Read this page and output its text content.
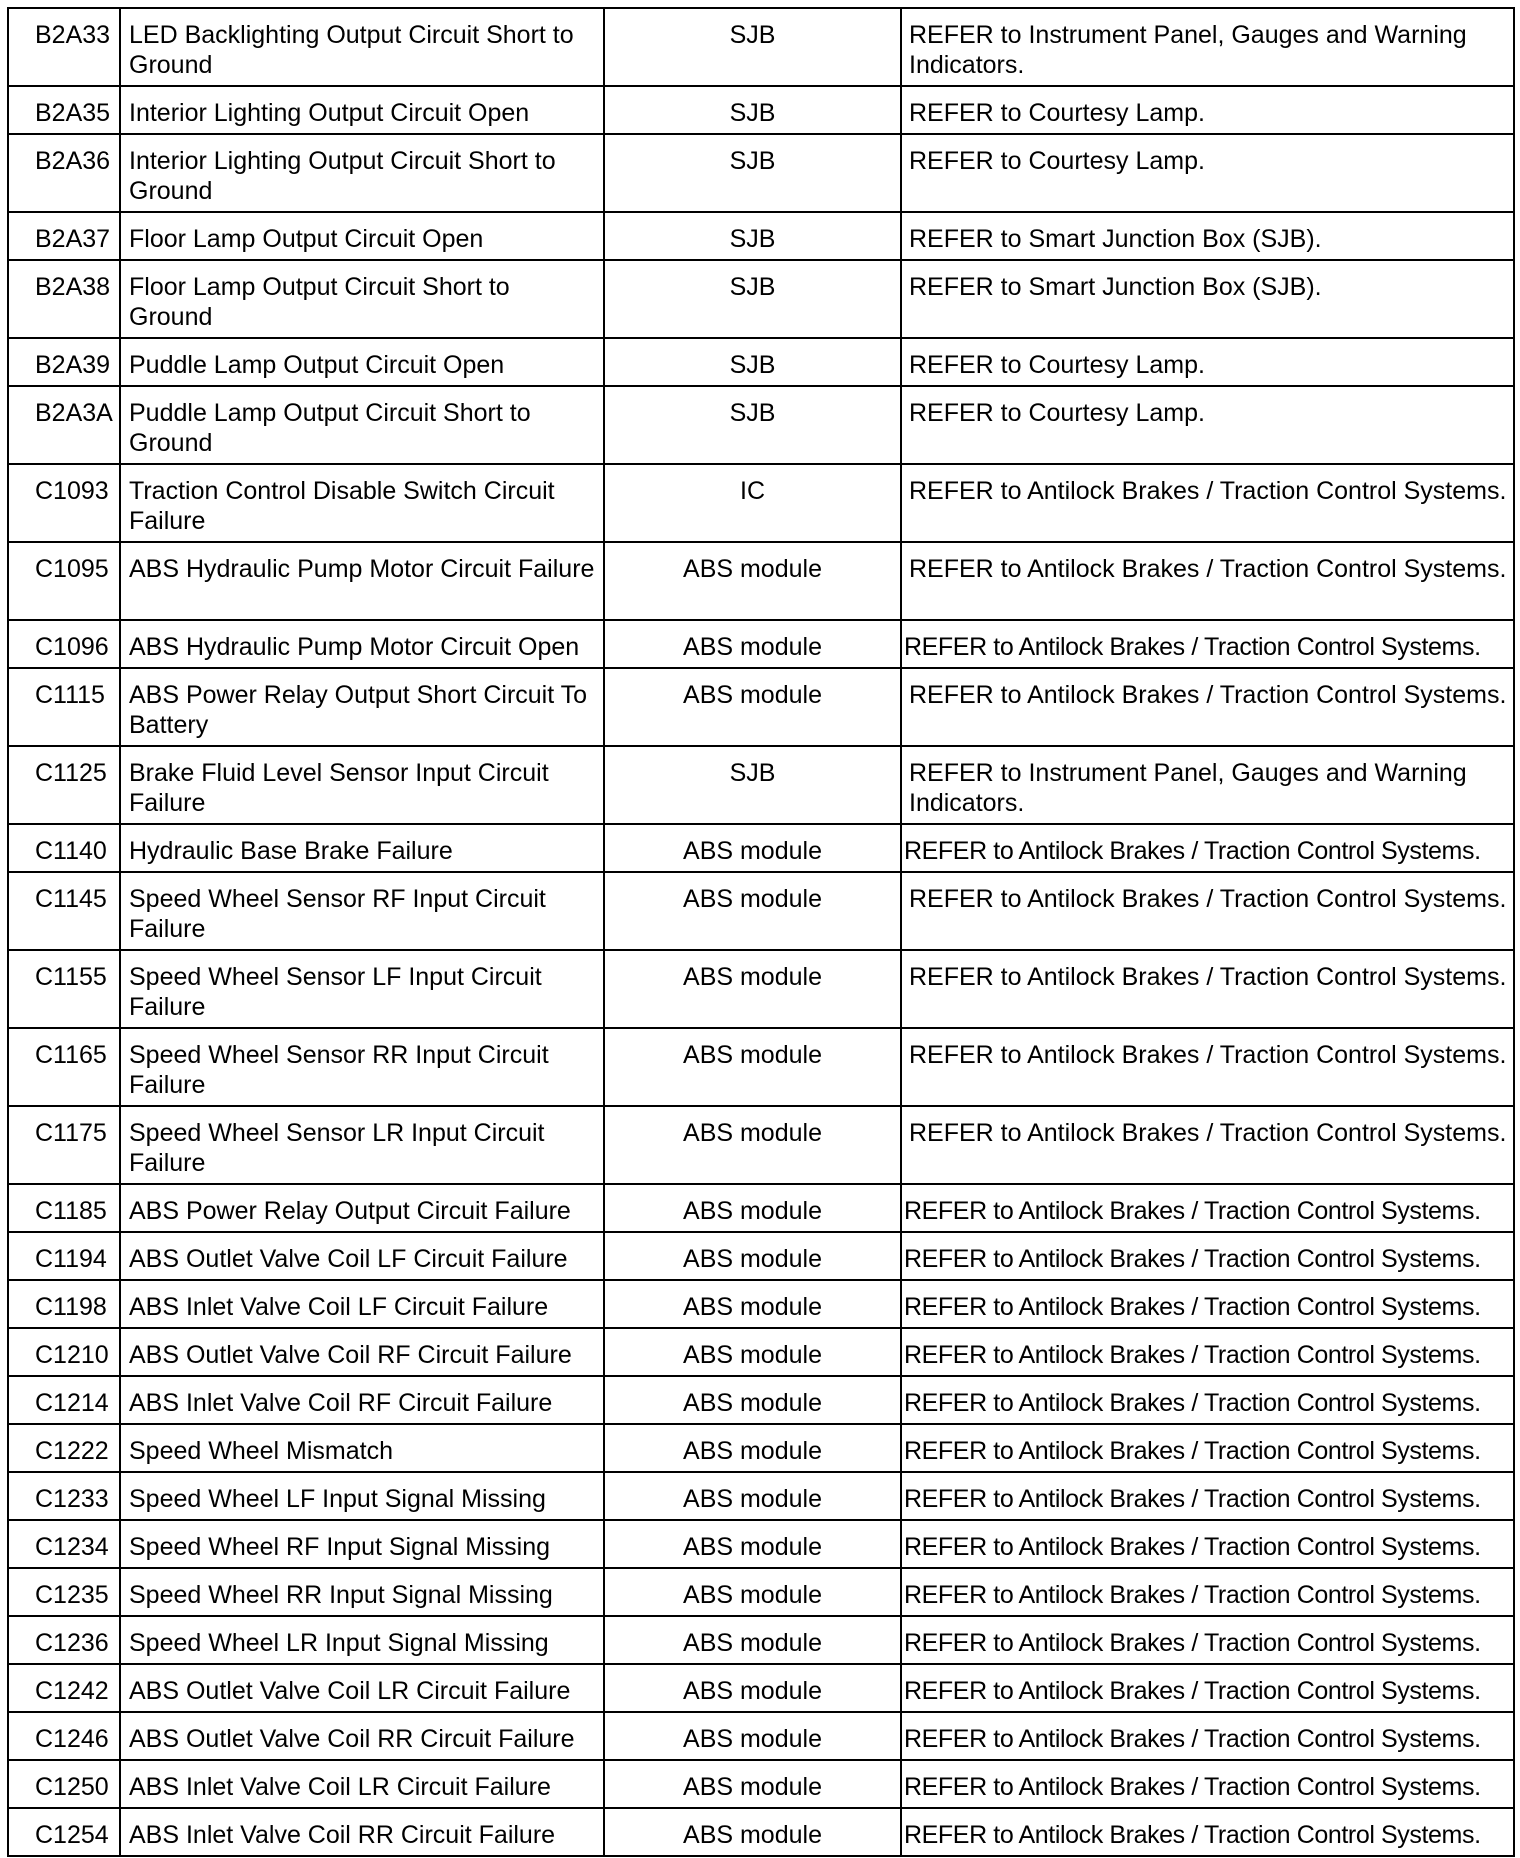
B2A33	LED Backlighting Output Circuit Short to Ground	SJB	REFER to Instrument Panel, Gauges and Warning Indicators.
B2A35	Interior Lighting Output Circuit Open	SJB	REFER to Courtesy Lamp.
B2A36	Interior Lighting Output Circuit Short to Ground	SJB	REFER to Courtesy Lamp.
B2A37	Floor Lamp Output Circuit Open	SJB	REFER to Smart Junction Box (SJB).
B2A38	Floor Lamp Output Circuit Short to Ground	SJB	REFER to Smart Junction Box (SJB).
B2A39	Puddle Lamp Output Circuit Open	SJB	REFER to Courtesy Lamp.
B2A3A	Puddle Lamp Output Circuit Short to Ground	SJB	REFER to Courtesy Lamp.
C1093	Traction Control Disable Switch Circuit Failure	IC	REFER to Antilock Brakes / Traction Control Systems.
C1095	ABS Hydraulic Pump Motor Circuit Failure	ABS module	REFER to Antilock Brakes / Traction Control Systems.
C1096	ABS Hydraulic Pump Motor Circuit Open	ABS module	REFER to Antilock Brakes / Traction Control Systems.
C1115	ABS Power Relay Output Short Circuit To Battery	ABS module	REFER to Antilock Brakes / Traction Control Systems.
C1125	Brake Fluid Level Sensor Input Circuit Failure	SJB	REFER to Instrument Panel, Gauges and Warning Indicators.
C1140	Hydraulic Base Brake Failure	ABS module	REFER to Antilock Brakes / Traction Control Systems.
C1145	Speed Wheel Sensor RF Input Circuit Failure	ABS module	REFER to Antilock Brakes / Traction Control Systems.
C1155	Speed Wheel Sensor LF Input Circuit Failure	ABS module	REFER to Antilock Brakes / Traction Control Systems.
C1165	Speed Wheel Sensor RR Input Circuit Failure	ABS module	REFER to Antilock Brakes / Traction Control Systems.
C1175	Speed Wheel Sensor LR Input Circuit Failure	ABS module	REFER to Antilock Brakes / Traction Control Systems.
C1185	ABS Power Relay Output Circuit Failure	ABS module	REFER to Antilock Brakes / Traction Control Systems.
C1194	ABS Outlet Valve Coil LF Circuit Failure	ABS module	REFER to Antilock Brakes / Traction Control Systems.
C1198	ABS Inlet Valve Coil LF Circuit Failure	ABS module	REFER to Antilock Brakes / Traction Control Systems.
C1210	ABS Outlet Valve Coil RF Circuit Failure	ABS module	REFER to Antilock Brakes / Traction Control Systems.
C1214	ABS Inlet Valve Coil RF Circuit Failure	ABS module	REFER to Antilock Brakes / Traction Control Systems.
C1222	Speed Wheel Mismatch	ABS module	REFER to Antilock Brakes / Traction Control Systems.
C1233	Speed Wheel LF Input Signal Missing	ABS module	REFER to Antilock Brakes / Traction Control Systems.
C1234	Speed Wheel RF Input Signal Missing	ABS module	REFER to Antilock Brakes / Traction Control Systems.
C1235	Speed Wheel RR Input Signal Missing	ABS module	REFER to Antilock Brakes / Traction Control Systems.
C1236	Speed Wheel LR Input Signal Missing	ABS module	REFER to Antilock Brakes / Traction Control Systems.
C1242	ABS Outlet Valve Coil LR Circuit Failure	ABS module	REFER to Antilock Brakes / Traction Control Systems.
C1246	ABS Outlet Valve Coil RR Circuit Failure	ABS module	REFER to Antilock Brakes / Traction Control Systems.
C1250	ABS Inlet Valve Coil LR Circuit Failure	ABS module	REFER to Antilock Brakes / Traction Control Systems.
C1254	ABS Inlet Valve Coil RR Circuit Failure	ABS module	REFER to Antilock Brakes / Traction Control Systems.
